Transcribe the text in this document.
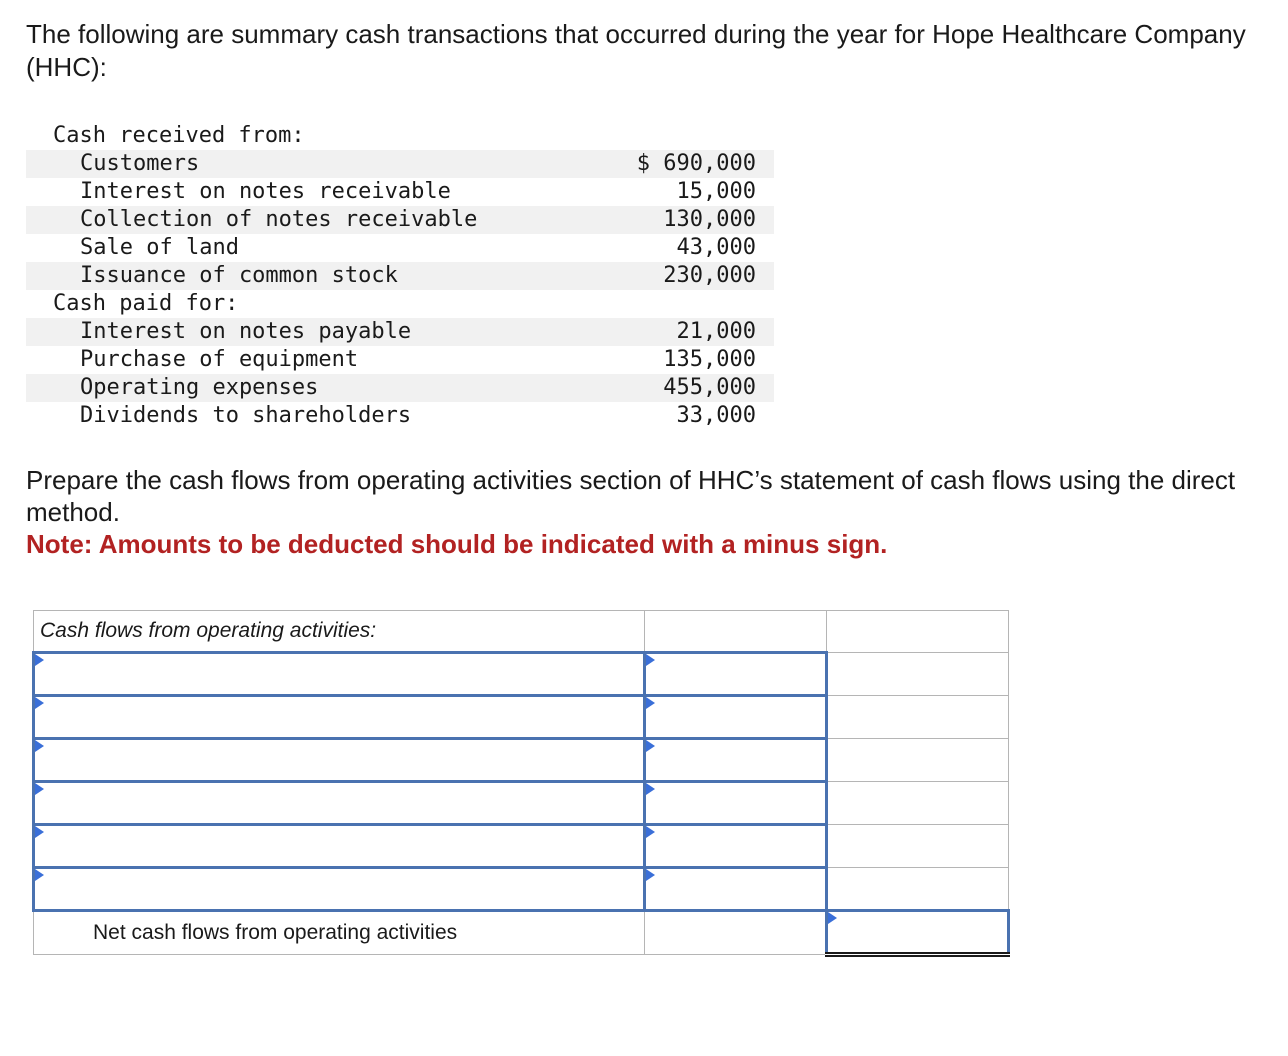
The following are summary cash transactions that occurred during the year for Hope Healthcare Company (HHC):
Cash received from:
Customers	$ 690,000
Interest on notes receivable	15,000
Collection of notes receivable	130,000
Sale of land	43,000
Issuance of common stock	230,000
Cash paid for:
Interest on notes payable	21,000
Purchase of equipment	135,000
Operating expenses	455,000
Dividends to shareholders	33,000
Prepare the cash flows from operating activities section of HHC’s statement of cash flows using the direct method.
Note: Amounts to be deducted should be indicated with a minus sign.
Cash flows from operating activities:		

Net cash flows from operating activities		
